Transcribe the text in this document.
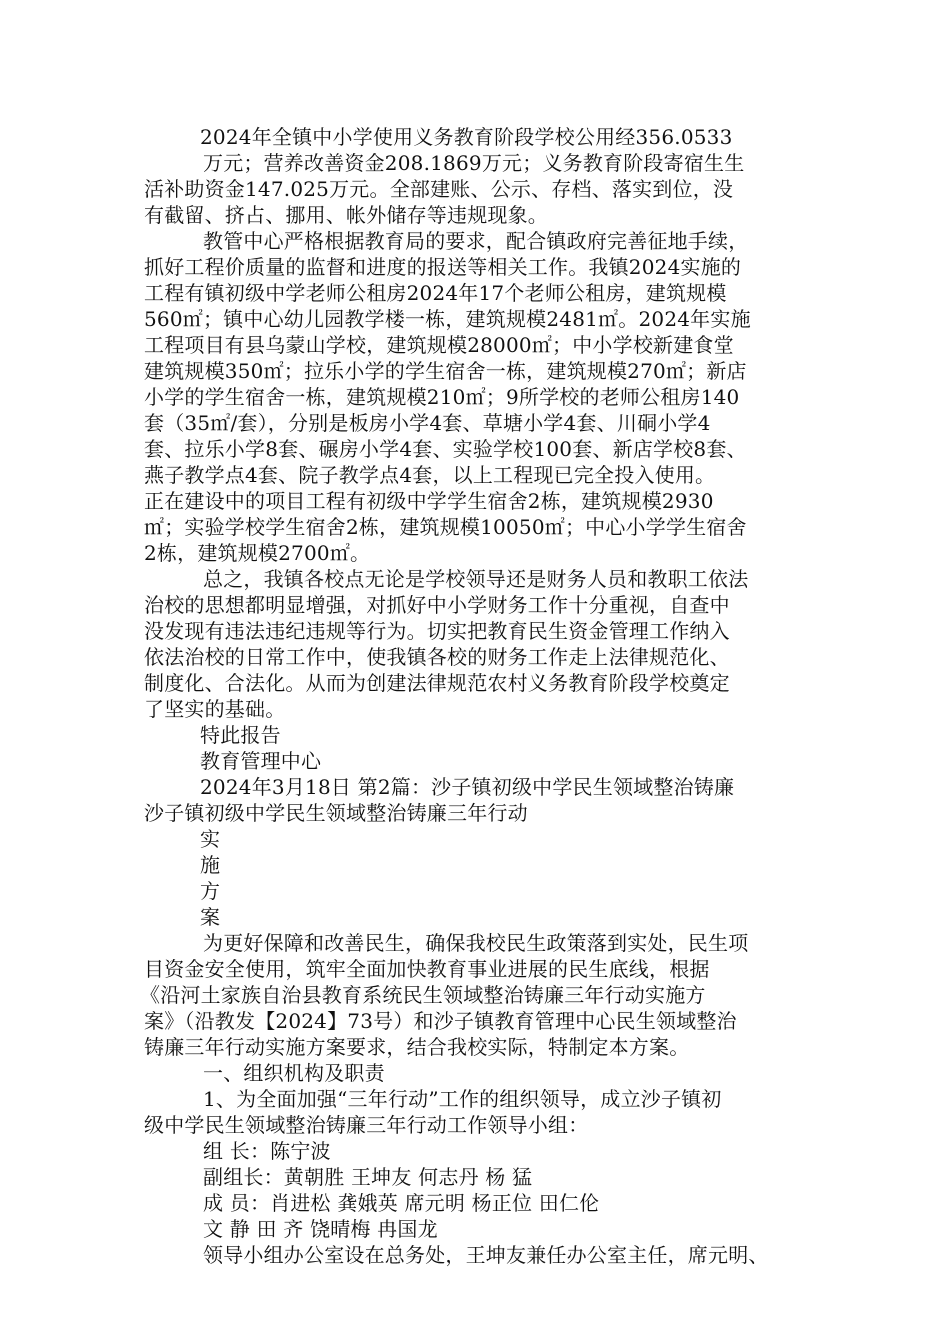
2024年全镇中小学使用义务教育阶段学校公用经356.0533
万元；营养改善资金208.1869万元；义务教育阶段寄宿生生
活补助资金147.025万元。全部建账、公示、存档、落实到位，没
有截留、挤占、挪用、帐外储存等违规现象。
教管中心严格根据教育局的要求，配合镇政府完善征地手续，
抓好工程价质量的监督和进度的报送等相关工作。我镇2024实施的
工程有镇初级中学老师公租房2024年17个老师公租房，建筑规模
560㎡；镇中心幼儿园教学楼一栋，建筑规模2481㎡。2024年实施
工程项目有县乌蒙山学校，建筑规模28000㎡；中小学校新建食堂
建筑规模350㎡；拉乐小学的学生宿舍一栋，建筑规模270㎡；新店
小学的学生宿舍一栋，建筑规模210㎡；9所学校的老师公租房140
套（35㎡/套），分别是板房小学4套、草塘小学4套、川硐小学4
套、拉乐小学8套、碾房小学4套、实验学校100套、新店学校8套、
燕子教学点4套、院子教学点4套，以上工程现已完全投入使用。
正在建设中的项目工程有初级中学学生宿舍2栋，建筑规模2930
㎡；实验学校学生宿舍2栋，建筑规模10050㎡；中心小学学生宿舍
2栋，建筑规模2700㎡。
总之，我镇各校点无论是学校领导还是财务人员和教职工依法
治校的思想都明显增强，对抓好中小学财务工作十分重视，自查中
没发现有违法违纪违规等行为。切实把教育民生资金管理工作纳入
依法治校的日常工作中，使我镇各校的财务工作走上法律规范化、
制度化、合法化。从而为创建法律规范农村义务教育阶段学校奠定
了坚实的基础。
特此报告
教育管理中心
2024年3月18日 第2篇：沙子镇初级中学民生领域整治铸廉
沙子镇初级中学民生领域整治铸廉三年行动
实
施
方
案
为更好保障和改善民生，确保我校民生政策落到实处，民生项
目资金安全使用，筑牢全面加快教育事业进展的民生底线，根据
《沿河土家族自治县教育系统民生领域整治铸廉三年行动实施方
案》（沿教发【2024】73号）和沙子镇教育管理中心民生领域整治
铸廉三年行动实施方案要求，结合我校实际，特制定本方案。
一、组织机构及职责
1、为全面加强“三年行动”工作的组织领导，成立沙子镇初
级中学民生领域整治铸廉三年行动工作领导小组：
组 长：陈宁波
副组长：黄朝胜 王坤友 何志丹 杨 猛
成 员：肖进松 龚娥英 席元明 杨正位 田仁伦
文 静 田 齐 饶晴梅 冉国龙
领导小组办公室设在总务处，王坤友兼任办公室主任，席元明、
